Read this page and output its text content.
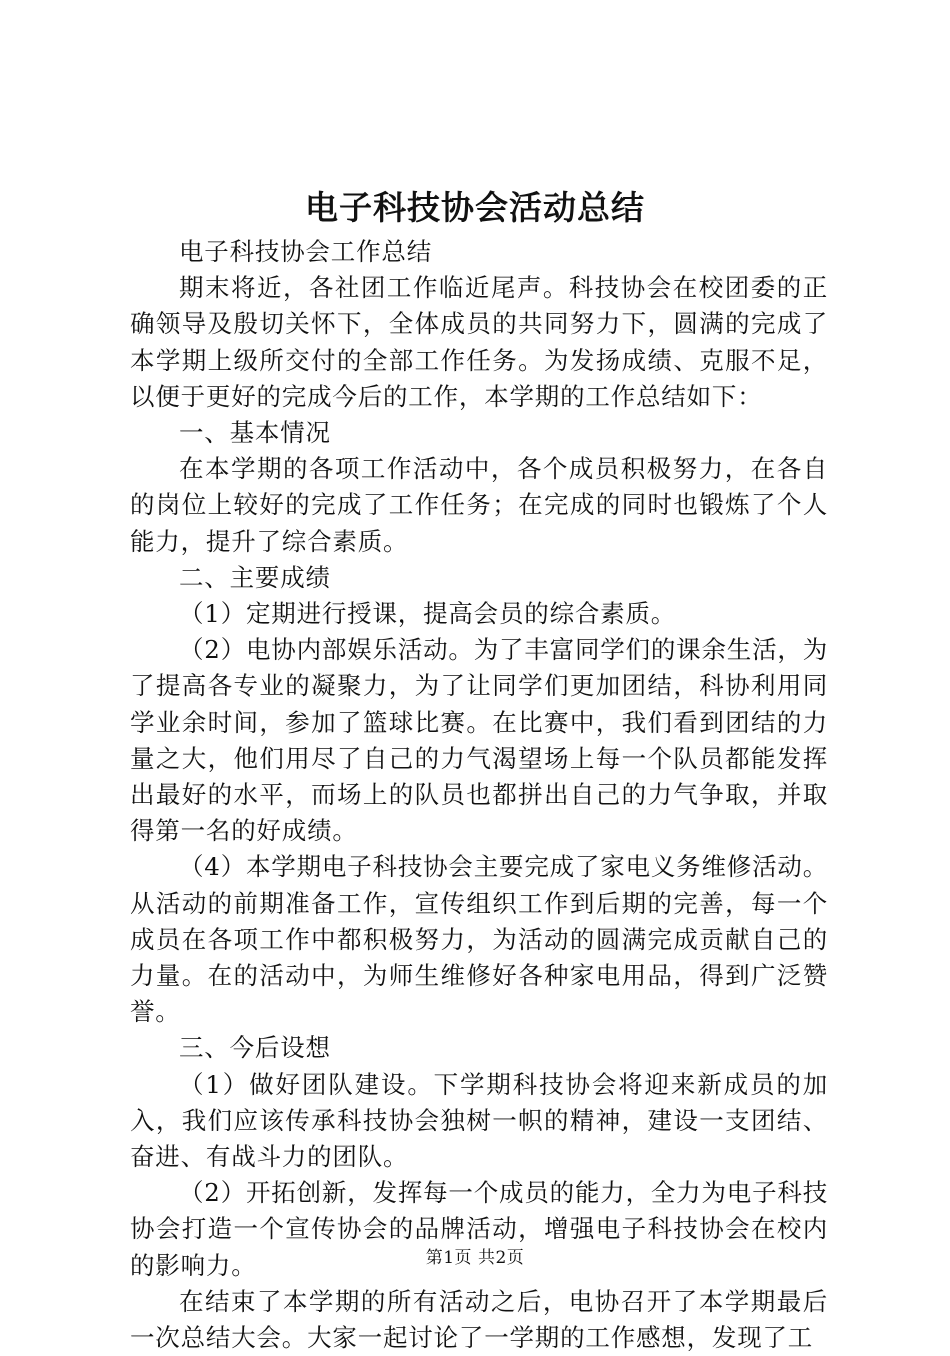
电子科技协会活动总结

电子科技协会工作总结

期末将近，各社团工作临近尾声。科技协会在校团委的正确领导及殷切关怀下，全体成员的共同努力下，圆满的完成了本学期上级所交付的全部工作任务。为发扬成绩、克服不足，以便于更好的完成今后的工作，本学期的工作总结如下：

一、基本情况

在本学期的各项工作活动中，各个成员积极努力，在各自的岗位上较好的完成了工作任务；在完成的同时也锻炼了个人能力，提升了综合素质。

二、主要成绩

（1）定期进行授课，提高会员的综合素质。

（2）电协内部娱乐活动。为了丰富同学们的课余生活，为了提高各专业的凝聚力，为了让同学们更加团结，科协利用同学业余时间，参加了篮球比赛。在比赛中，我们看到团结的力量之大，他们用尽了自己的力气渴望场上每一个队员都能发挥出最好的水平，而场上的队员也都拼出自己的力气争取，并取得第一名的好成绩。

（4）本学期电子科技协会主要完成了家电义务维修活动。从活动的前期准备工作，宣传组织工作到后期的完善，每一个成员在各项工作中都积极努力，为活动的圆满完成贡献自己的力量。在的活动中，为师生维修好各种家电用品，得到广泛赞誉。

三、今后设想

（1）做好团队建设。下学期科技协会将迎来新成员的加入，我们应该传承科技协会独树一帜的精神，建设一支团结、奋进、有战斗力的团队。

（2）开拓创新，发挥每一个成员的能力，全力为电子科技协会打造一个宣传协会的品牌活动，增强电子科技协会在校内的影响力。

在结束了本学期的所有活动之后，电协召开了本学期最后一次总结大会。大家一起讨论了一学期的工作感想，发现了工

第1页 共2页
